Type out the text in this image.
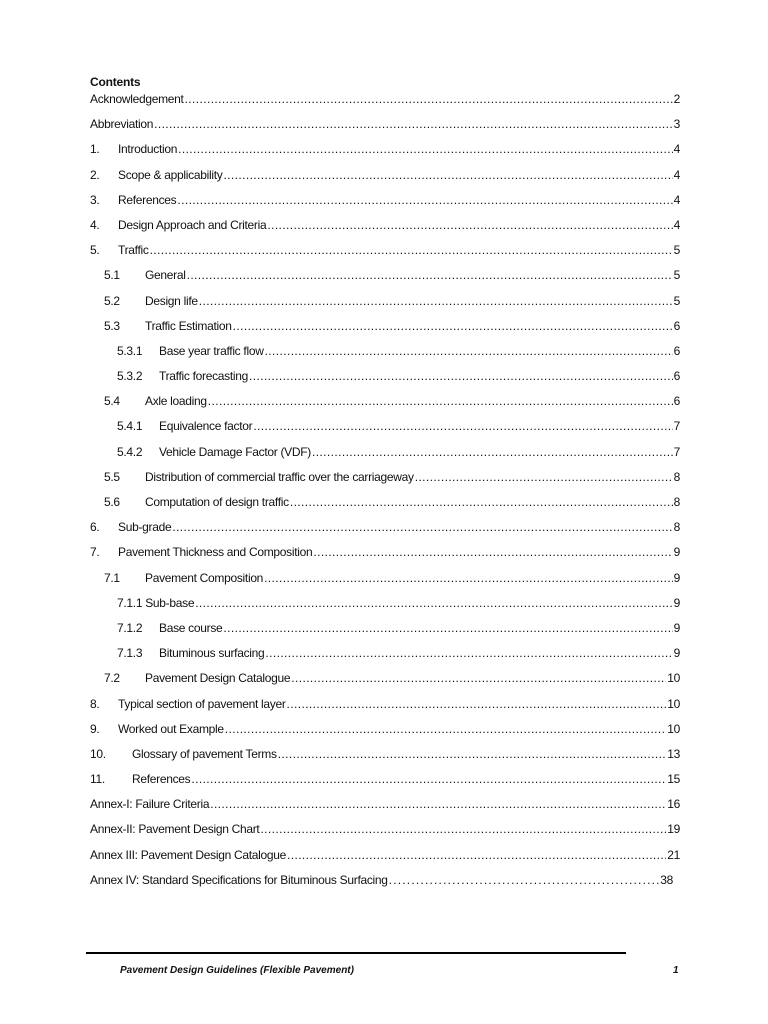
Contents
Acknowledgement .....	2
Abbreviation .....	3
1.	Introduction .....	4
2.	Scope & applicability .....	4
3.	References .....	4
4.	Design Approach and Criteria .....	4
5.	Traffic .....	5
5.1	General .....	5
5.2	Design life .....	5
5.3	Traffic Estimation .....	6
5.3.1	Base year traffic flow .....	6
5.3.2	Traffic forecasting .....	6
5.4	Axle loading .....	6
5.4.1	Equivalence factor .....	7
5.4.2	Vehicle Damage Factor (VDF) .....	7
5.5	Distribution of commercial traffic over the carriageway .....	8
5.6	Computation of design traffic .....	8
6.	Sub-grade .....	8
7.	Pavement Thickness and Composition .....	9
7.1	Pavement Composition .....	9
7.1.1 Sub-base .....	9
7.1.2	Base course .....	9
7.1.3	Bituminous surfacing .....	9
7.2	Pavement Design Catalogue .....	10
8.	Typical section of pavement layer .....	10
9.	Worked out Example .....	10
10.	Glossary of pavement Terms .....	13
11.	References .....	15
Annex-I: Failure Criteria .....	16
Annex-II: Pavement Design Chart .....	19
Annex III: Pavement Design Catalogue .....	21
Annex IV: Standard Specifications for Bituminous Surfacing .....	38
Pavement Design Guidelines (Flexible Pavement)	1
